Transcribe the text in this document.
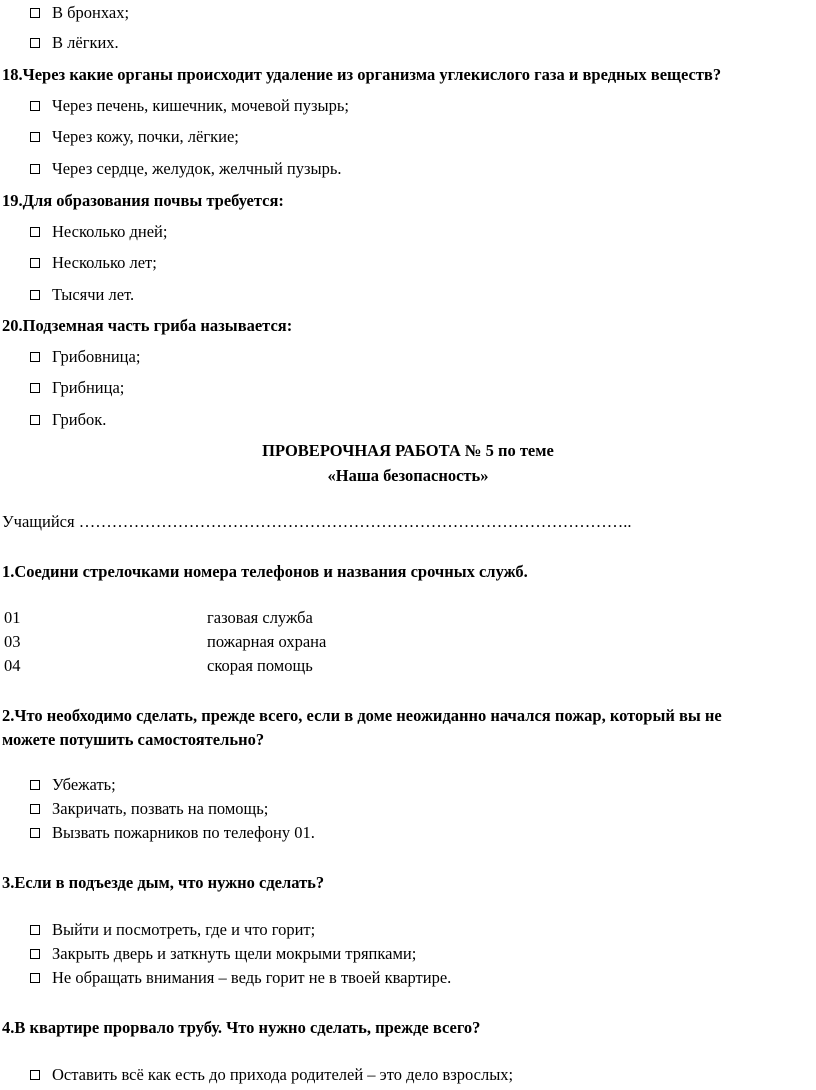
В бронхах;
В лёгких.
18.Через какие органы происходит удаление из организма углекислого газа и вредных веществ?
Через печень, кишечник, мочевой пузырь;
Через кожу, почки, лёгкие;
Через сердце, желудок, желчный пузырь.
19.Для образования почвы требуется:
Несколько дней;
Несколько лет;
Тысячи лет.
20.Подземная часть гриба называется:
Грибовница;
Грибница;
Грибок.
ПРОВЕРОЧНАЯ РАБОТА № 5 по теме
«Наша безопасность»
Учащийся ………………………………………………………………………………………..
1.Соедини стрелочками номера телефонов и названия срочных служб.
01	газовая служба
03	пожарная охрана
04	скорая помощь
2.Что необходимо сделать, прежде всего, если в доме неожиданно начался пожар, который вы не
можете потушить самостоятельно?
Убежать;
Закричать, позвать на помощь;
Вызвать пожарников по телефону 01.
3.Если в подъезде дым, что нужно сделать?
Выйти и посмотреть, где и что горит;
Закрыть дверь и заткнуть щели мокрыми тряпками;
Не обращать внимания – ведь горит не в твоей квартире.
4.В квартире прорвало трубу. Что нужно сделать, прежде всего?
Оставить всё как есть до прихода родителей – это дело взрослых;
